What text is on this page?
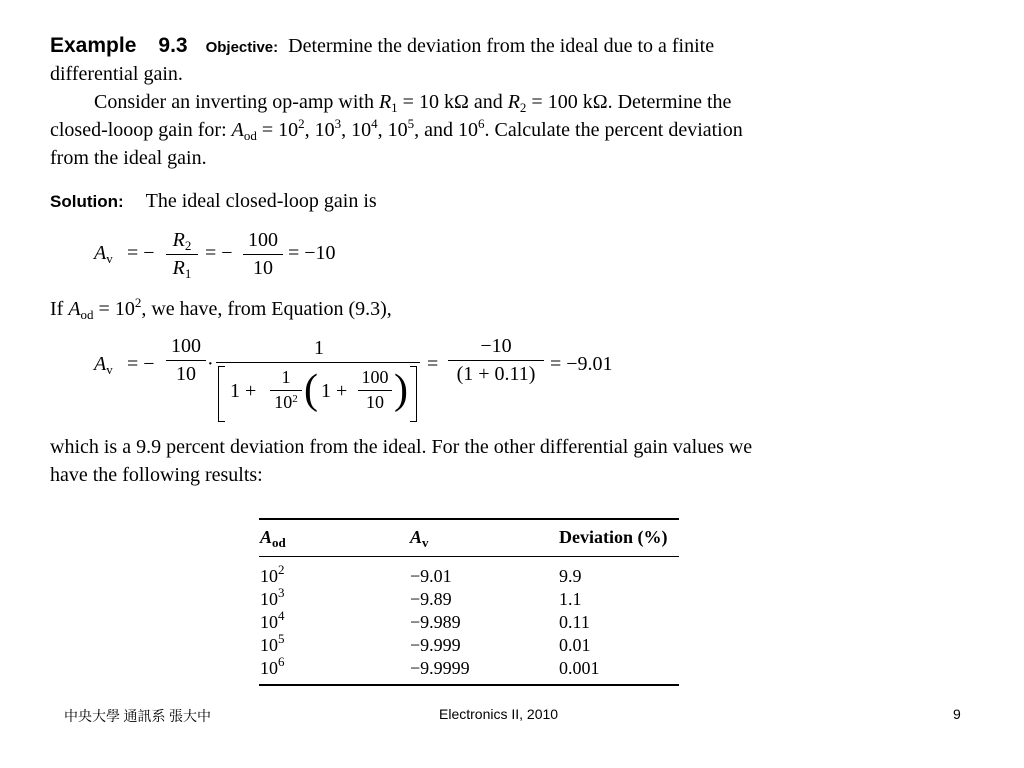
Example 9.3 Objective: Determine the deviation from the ideal due to a finite
differential gain.
Consider an inverting op-amp with $R_1 = 10$ kΩ and $R_2 = 100$ kΩ. Determine the
closed-looop gain for: $A_{od} = 10^2$, $10^3$, $10^4$, $10^5$, and $10^6$. Calculate the percent deviation
from the ideal gain.
Solution: The ideal closed-loop gain is
$A_v$ = −
$R_2$
$R_1$
= −
100
10
= −10
If $A_{od} = 10^2$, we have, from Equation (9.3),
$A_v$ = −
100
10 ·
1
1 +
1
$10^2$ ( 1 +
100
10 )
=
−10
(1 + 0.11) = −9.01
which is a 9.9 percent deviation from the ideal. For the other differential gain values we
have the following results:
$A_{od}$	$A_v$	Deviation (%)
$10^2$	−9.01	9.9
$10^3$	−9.89	1.1
$10^4$	−9.989	0.11
$10^5$	−9.999	0.01
$10^6$	−9.9999	0.001
中央大學 通訊系 張大中	Electronics II, 2010	9
